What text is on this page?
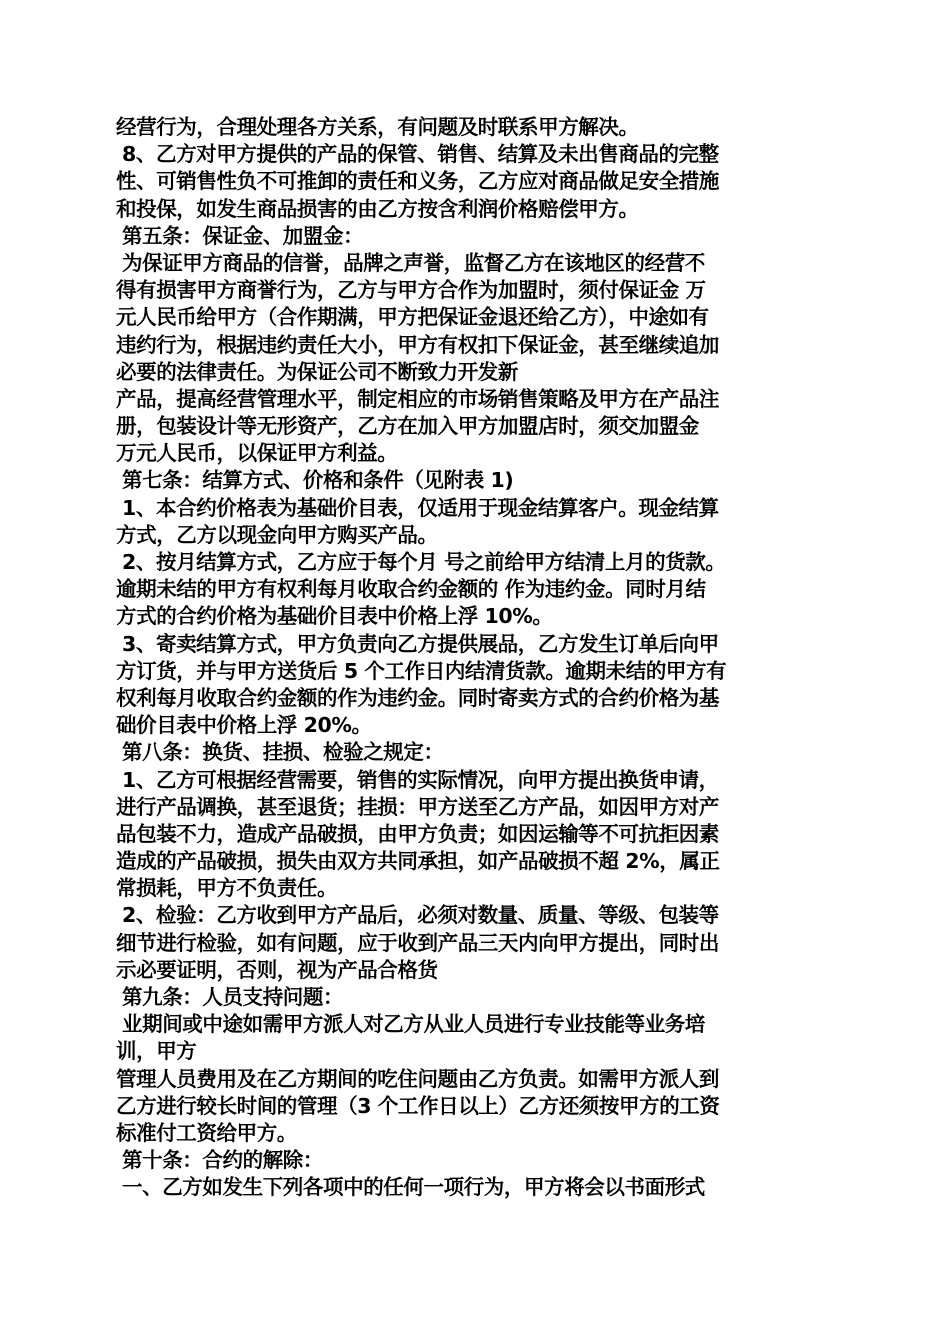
经营行为，合理处理各方关系，有问题及时联系甲方解决。
8、乙方对甲方提供的产品的保管、销售、结算及未出售商品的完整
性、可销售性负不可推卸的责任和义务，乙方应对商品做足安全措施
和投保，如发生商品损害的由乙方按含利润价格赔偿甲方。
第五条：保证金、加盟金：
为保证甲方商品的信誉，品牌之声誉，监督乙方在该地区的经营不
得有损害甲方商誉行为，乙方与甲方合作为加盟时，须付保证金 万
元人民币给甲方（合作期满，甲方把保证金退还给乙方），中途如有
违约行为，根据违约责任大小，甲方有权扣下保证金，甚至继续追加
必要的法律责任。为保证公司不断致力开发新
产品，提高经营管理水平，制定相应的市场销售策略及甲方在产品注
册，包装设计等无形资产，乙方在加入甲方加盟店时，须交加盟金
万元人民币，以保证甲方利益。
第七条：结算方式、价格和条件（见附表 1)
1、本合约价格表为基础价目表，仅适用于现金结算客户。现金结算
方式，乙方以现金向甲方购买产品。
2、按月结算方式，乙方应于每个月 号之前给甲方结清上月的货款。
逾期未结的甲方有权利每月收取合约金额的 作为违约金。同时月结
方式的合约价格为基础价目表中价格上浮 10%。
3、寄卖结算方式，甲方负责向乙方提供展品，乙方发生订单后向甲
方订货，并与甲方送货后 5 个工作日内结清货款。逾期未结的甲方有
权利每月收取合约金额的作为违约金。同时寄卖方式的合约价格为基
础价目表中价格上浮 20%。
第八条：换货、挂损、检验之规定：
1、乙方可根据经营需要，销售的实际情况，向甲方提出换货申请，
进行产品调换，甚至退货；挂损：甲方送至乙方产品，如因甲方对产
品包装不力，造成产品破损，由甲方负责；如因运输等不可抗拒因素
造成的产品破损，损失由双方共同承担，如产品破损不超 2%，属正
常损耗，甲方不负责任。
2、检验：乙方收到甲方产品后，必须对数量、质量、等级、包装等
细节进行检验，如有问题，应于收到产品三天内向甲方提出，同时出
示必要证明，否则，视为产品合格货
第九条：人员支持问题：
业期间或中途如需甲方派人对乙方从业人员进行专业技能等业务培
训，甲方
管理人员费用及在乙方期间的吃住问题由乙方负责。如需甲方派人到
乙方进行较长时间的管理（3 个工作日以上）乙方还须按甲方的工资
标准付工资给甲方。
第十条：合约的解除：
一、乙方如发生下列各项中的任何一项行为，甲方将会以书面形式
